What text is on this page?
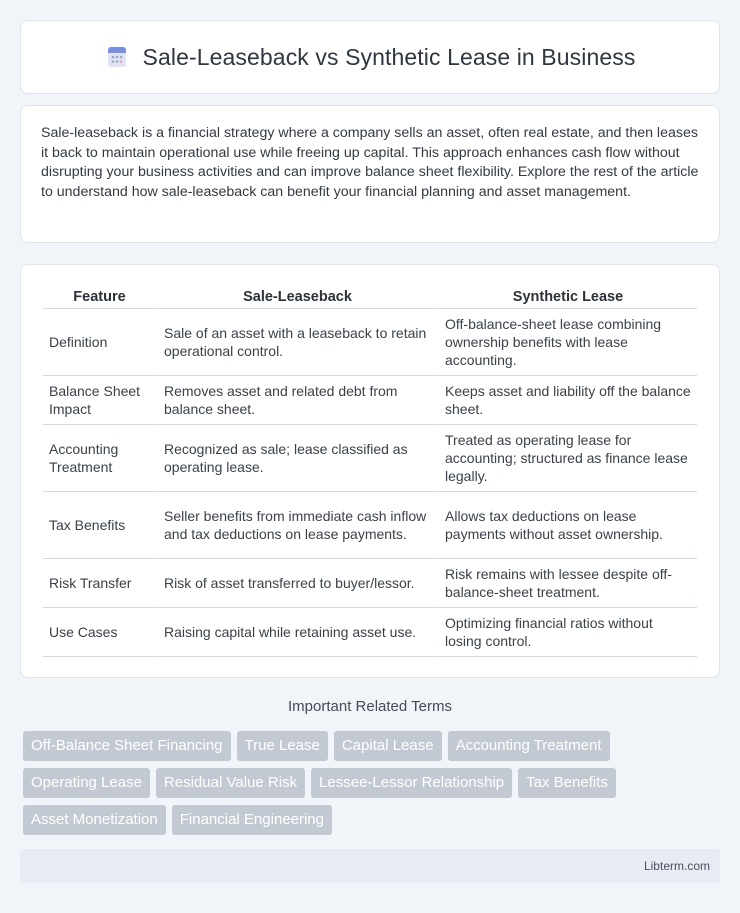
Sale-Leaseback vs Synthetic Lease in Business

Sale-leaseback is a financial strategy where a company sells an asset, often real estate, and then leases it back to maintain operational use while freeing up capital. This approach enhances cash flow without disrupting your business activities and can improve balance sheet flexibility. Explore the rest of the article to understand how sale-leaseback can benefit your financial planning and asset management.

Feature	Sale-Leaseback	Synthetic Lease
Definition	Sale of an asset with a leaseback to retain operational control.	Off-balance-sheet lease combining ownership benefits with lease accounting.
Balance Sheet Impact	Removes asset and related debt from balance sheet.	Keeps asset and liability off the balance sheet.
Accounting Treatment	Recognized as sale; lease classified as operating lease.	Treated as operating lease for accounting; structured as finance lease legally.
Tax Benefits	Seller benefits from immediate cash inflow and tax deductions on lease payments.	Allows tax deductions on lease payments without asset ownership.
Risk Transfer	Risk of asset transferred to buyer/lessor.	Risk remains with lessee despite off-balance-sheet treatment.
Use Cases	Raising capital while retaining asset use.	Optimizing financial ratios without losing control.
Important Related Terms
Off-Balance Sheet Financing	True Lease	Capital Lease	Accounting Treatment
Operating Lease	Residual Value Risk	Lessee-Lessor Relationship	Tax Benefits
Asset Monetization	Financial Engineering
Libterm.com
